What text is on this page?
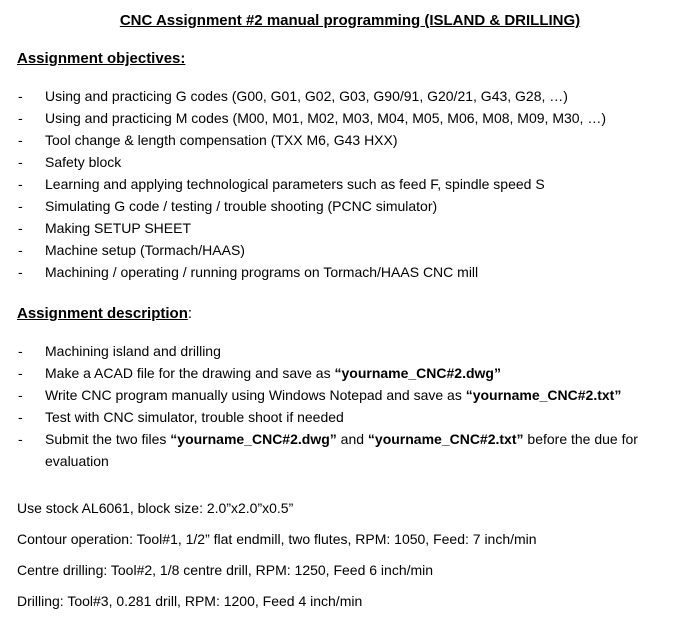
CNC Assignment #2 manual programming (ISLAND & DRILLING)
Assignment objectives:
- Using and practicing G codes (G00, G01, G02, G03, G90/91, G20/21, G43, G28, …)
- Using and practicing M codes (M00, M01, M02, M03, M04, M05, M06, M08, M09, M30, …)
- Tool change & length compensation (TXX M6, G43 HXX)
- Safety block
- Learning and applying technological parameters such as feed F, spindle speed S
- Simulating G code / testing / trouble shooting (PCNC simulator)
- Making SETUP SHEET
- Machine setup (Tormach/HAAS)
- Machining / operating / running programs on Tormach/HAAS CNC mill
Assignment description:
- Machining island and drilling
- Make a ACAD file for the drawing and save as “yourname_CNC#2.dwg”
- Write CNC program manually using Windows Notepad and save as “yourname_CNC#2.txt”
- Test with CNC simulator, trouble shoot if needed
- Submit the two files “yourname_CNC#2.dwg” and “yourname_CNC#2.txt” before the due for evaluation
Use stock AL6061, block size: 2.0”x2.0”x0.5”
Contour operation: Tool#1, 1/2” flat endmill, two flutes, RPM: 1050, Feed: 7 inch/min
Centre drilling: Tool#2, 1/8 centre drill, RPM: 1250, Feed 6 inch/min
Drilling: Tool#3, 0.281 drill, RPM: 1200, Feed 4 inch/min
